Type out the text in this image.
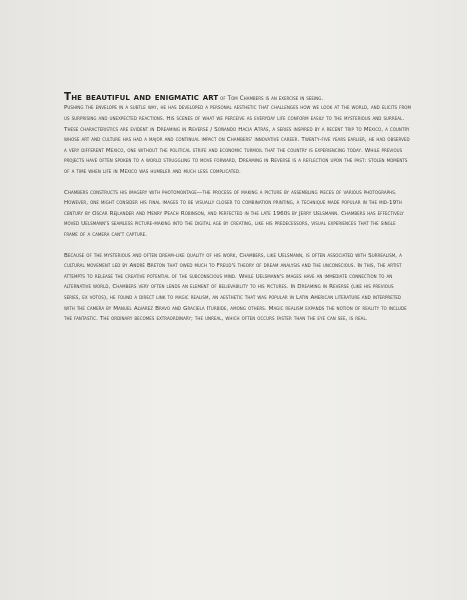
The beautiful and enigmatic art of Tom Chambers is an exercise in seeing.

Pushing the envelope in a subtle way, he has developed a personal aesthetic that challenges how we look at the world, and elicits from us surprising and unexpected reactions. His scenes of what we perceive as everyday life conform easily to the mysterious and surreal. These characteristics are evident in Dreaming in Reverse / Soñando Hacia Atrás, a series inspired by a recent trip to Mexico, a country whose art and culture has had a major and continual impact on Chambers' innovative career. Twenty-five years earlier, he had observed a very different Mexico, one without the political strife and economic turmoil that the country is experiencing today. While previous projects have often spoken to a world struggling to move forward, Dreaming in Reverse is a reflection upon the past: stolen moments of a time when life in Mexico was humbler and much less complicated.

Chambers constructs his imagery with photomontage—the process of making a picture by assembling pieces of various photographs. However, one might consider his final images to be visually closer to combination printing, a technique made popular in the mid-19th century by Oscar Rejlander and Henry Peach Robinson, and perfected in the late 1960s by Jerry Uelsmann. Chambers has effectively moved Uelsmann's seamless picture-making into the digital age by creating, like his predecessors, visual experiences that the single frame of a camera can't capture.

Because of the mysterious and often dream-like quality of his work, Chambers, like Uelsmann, is often associated with Surrealism, a cultural movement led by André Breton that owed much to Freud's theory of dream analysis and the unconscious. In this, the artist attempts to release the creative potential of the subconscious mind. While Uelsmann's images have an immediate connection to an alternative world, Chambers very often lends an element of believability to his pictures. In Dreaming in Reverse (like his previous series, ex votos), he found a direct link to magic realism, an aesthetic that was popular in Latin American literature and interpreted with the camera by Manuel Alvarez Bravo and Graciela Iturbide, among others. Magic realism expands the notion of reality to include the fantastic. The ordinary becomes extraordinary; the unreal, which often occurs faster than the eye can see, is real.
